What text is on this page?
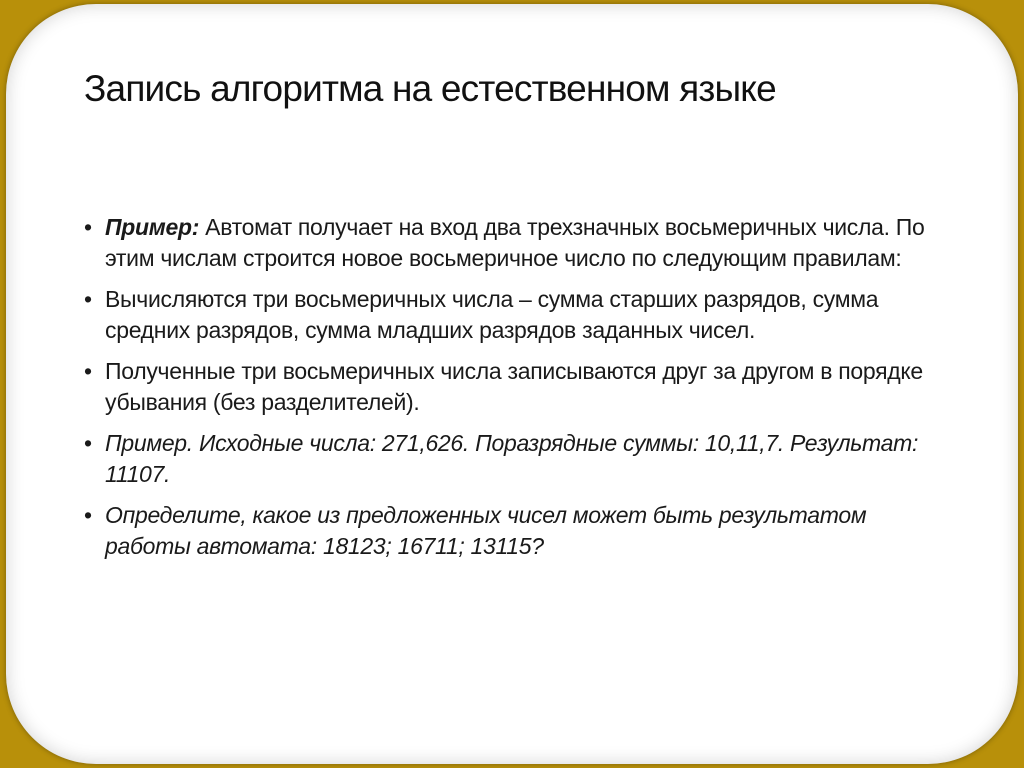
Запись алгоритма на естественном языке
• Пример: Автомат получает на вход два трехзначных восьмеричных числа. По этим числам строится новое восьмеричное число по следующим правилам:
• Вычисляются три восьмеричных числа – сумма старших разрядов, сумма средних разрядов, сумма младших разрядов заданных чисел.
• Полученные три восьмеричных числа записываются друг за другом в порядке убывания (без разделителей).
• Пример. Исходные числа: 271,626. Поразрядные суммы: 10,11,7. Результат: 11107.
• Определите, какое из предложенных чисел может быть результатом работы автомата: 18123; 16711; 13115?
